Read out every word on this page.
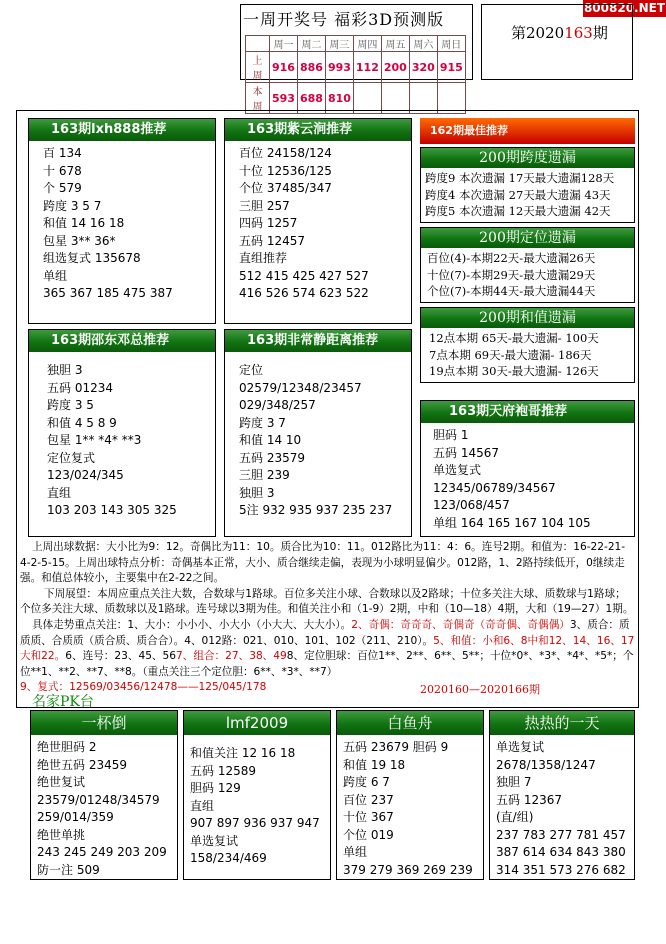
800820.NET
一周开奖号 福彩3D预测版
	周一	周二	周三	周四	周五	周六	周日
上周	916	886	993	112	200	320	915
本周	593	688	810				
第2020163期
163期lxh888推荐
百 134
十 678
个 579
跨度 3 5 7
和值 14 16 18
包星 3** 36*
组选复式 135678
单组
365 367 185 475 387
163期紫云涧推荐
百位 24158/124
十位 12536/125
个位 37485/347
三胆 257
四码 1257
五码 12457
直组推荐
512 415 425 427 527
416 526 574 623 522
163期邵东邓总推荐
独胆 3
五码 01234
跨度 3 5
和值 4 5 8 9
包星 1** *4* **3
定位复式
123/024/345
直组
103 203 143 305 325
163期非常静距离推荐
定位
02579/12348/23457
029/348/257
跨度 3 7
和值 14 10
五码 23579
三胆 239
独胆 3
5注 932 935 937 235 237
162期最佳推荐
200期跨度遗漏
跨度9 本次遗漏 17天最大遗漏128天
跨度4 本次遗漏 27天最大遗漏 43天
跨度5 本次遗漏 12天最大遗漏 42天
200期定位遗漏
百位(4)-本期22天-最大遗漏26天
十位(7)-本期29天-最大遗漏29天
个位(7)-本期44天-最大遗漏44天
200期和值遗漏
12点本期 65天-最大遗漏- 100天
7点本期 69天-最大遗漏- 186天
19点本期 30天-最大遗漏- 126天
163期天府袍哥推荐
胆码 1
五码 14567
单选复式
12345/06789/34567
123/068/457
单组 164 165 167 104 105
上周出球数据：大小比为9：12。奇偶比为11：10。质合比为10：11。012路比为11：4：6。连号2期。和值为：16-22-21-4-2-5-15。上周出球特点分析：奇偶基本正常，大小、质合继续走偏，表现为小球明显偏少。012路，1、2路持续低开，0继续走强。和值总体较小，主要集中在2-22之间。
下周展望：本周应重点关注大数，合数球与1路球。百位多关注小球、合数球以及2路球；十位多关注大球、质数球与1路球；个位多关注大球、质数球以及1路球。连号球以3期为佳。和值关注小和（1-9）2期，中和（10—18）4期，大和（19—27）1期。
具体走势重点关注：1、大小：小小小、小大小（小大大、大大小）。2、奇偶：奇奇奇、奇偶奇（奇奇偶、奇偶偶）3、质合：质质质、合质质（质合质、质合合）。4、012路：021、010、101、102（211、210）。5、和值：小和6、8中和12、14、16、17大和22。6、连号：23、45、567、组合：27、38、498、定位胆球：百位1**、2**、6**、5**；十位*0*、*3*、*4*、*5*；个位**1、**2、**7、**8。（重点关注三个定位胆：6**、*3*、**7）
9、复式：12569/03456/12478——125/045/178	2020160—2020166期
名家PK台
一杯倒
绝世胆码 2
绝世五码 23459
绝世复试
23579/01248/34579
259/014/359
绝世单挑
243 245 249 203 209
防一注 509
lmf2009
和值关注 12 16 18
五码 12589
胆码 129
直组
907 897 936 937 947
单选复试
158/234/469
白鱼舟
五码 23679 胆码 9
和值 19 18
跨度 6 7
百位 237
十位 367
个位 019
单组
379 279 369 269 239
热热的一天
单选复试
2678/1358/1247
独胆 7
五码 12367
(直/组)
237 783 277 781 457
387 614 634 843 380
314 351 573 276 682
